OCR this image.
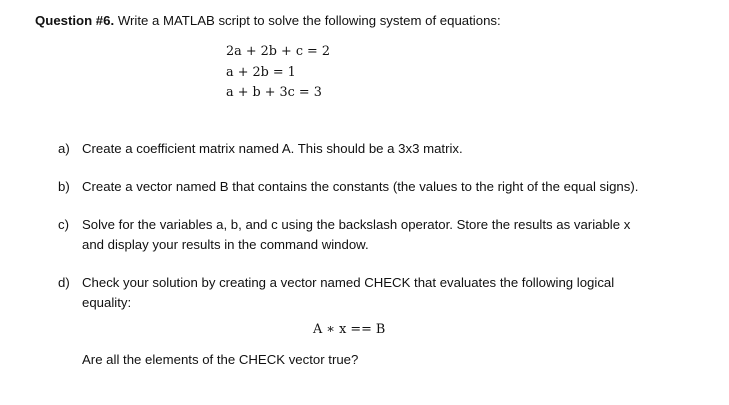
Question #6. Write a MATLAB script to solve the following system of equations:
2a + 2b + c = 2
a + 2b = 1
a + b + 3c = 3
a) Create a coefficient matrix named A. This should be a 3x3 matrix.
b) Create a vector named B that contains the constants (the values to the right of the equal signs).
c) Solve for the variables a, b, and c using the backslash operator. Store the results as variable x
and display your results in the command window.
d) Check your solution by creating a vector named CHECK that evaluates the following logical
equality:
A ∗ x == B
Are all the elements of the CHECK vector true?
